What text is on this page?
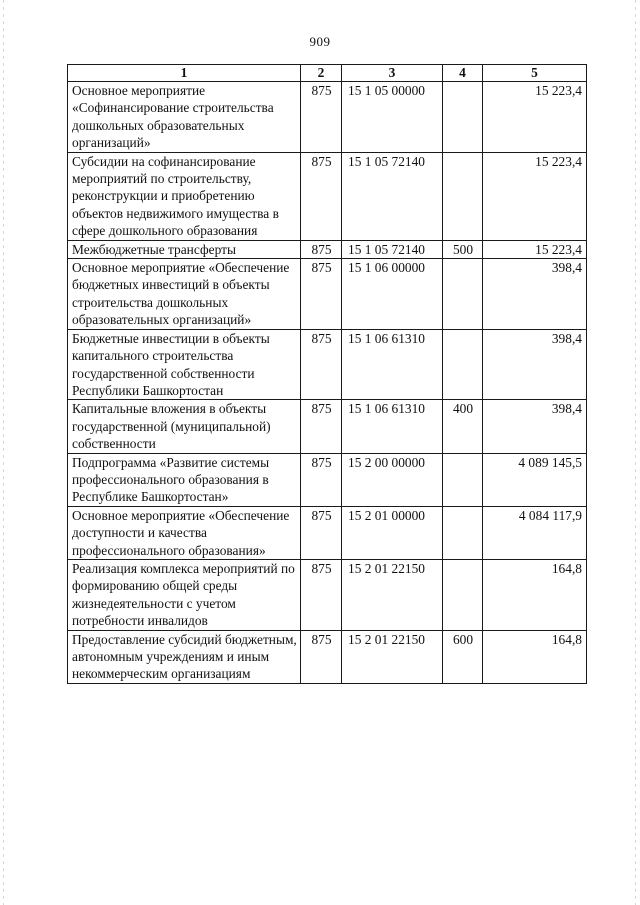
909
1	2	3	4	5
Основное мероприятие «Софинансирование строительства дошкольных образовательных организаций»	875	15 1 05 00000		15 223,4
Субсидии на софинансирование мероприятий по строительству, реконструкции и приобретению объектов недвижимого имущества в сфере дошкольного образования	875	15 1 05 72140		15 223,4
Межбюджетные трансферты	875	15 1 05 72140	500	15 223,4
Основное мероприятие «Обеспечение бюджетных инвестиций в объекты строительства дошкольных образовательных организаций»	875	15 1 06 00000		398,4
Бюджетные инвестиции в объекты капитального строительства государственной собственности Республики Башкортостан	875	15 1 06 61310		398,4
Капитальные вложения в объекты государственной (муниципальной) собственности	875	15 1 06 61310	400	398,4
Подпрограмма «Развитие системы профессионального образования в Республике Башкортостан»	875	15 2 00 00000		4 089 145,5
Основное мероприятие «Обеспечение доступности и качества профессионального образования»	875	15 2 01 00000		4 084 117,9
Реализация комплекса мероприятий по формированию общей среды жизнедеятельности с учетом потребности инвалидов	875	15 2 01 22150		164,8
Предоставление субсидий бюджетным, автономным учреждениям и иным некоммерческим организациям	875	15 2 01 22150	600	164,8
